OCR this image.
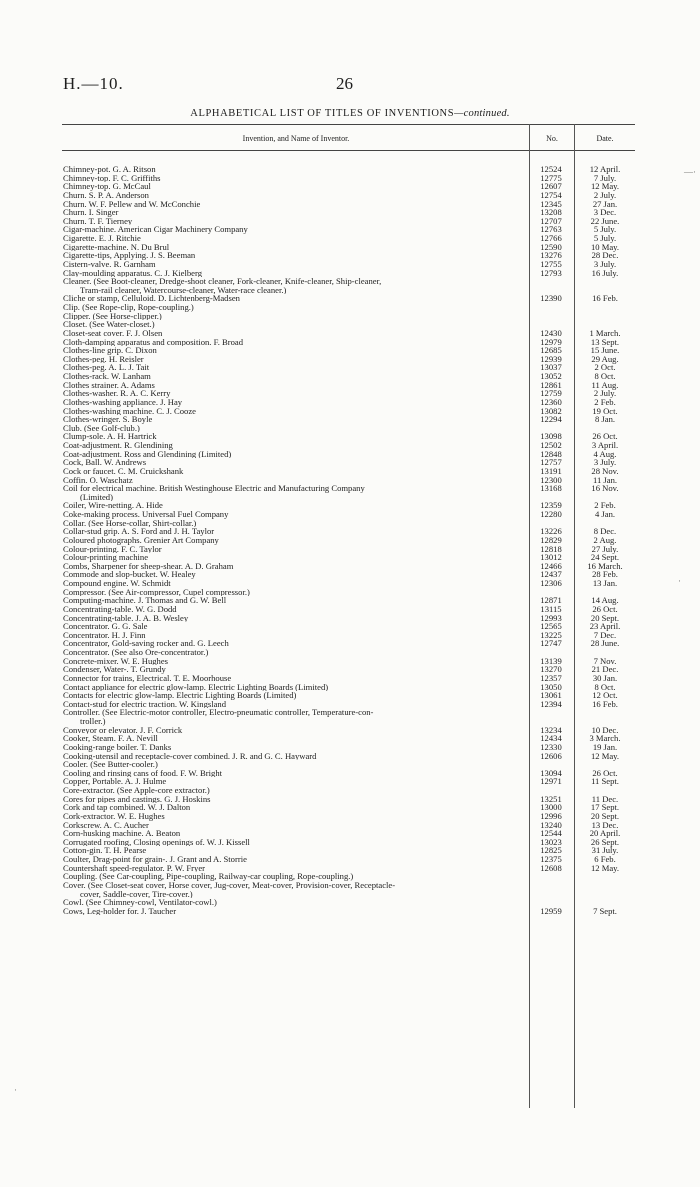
H.—10.	26
ALPHABETICAL LIST OF TITLES OF INVENTIONS—continued.
Invention, and Name of Inventor.	No.	Date.
Chimney-pot. G. A. Ritson	12524	12 April.
Chimney-top. F. C. Griffiths	12775	7 July.
Chimney-top. G. McCaul	12607	12 May.
Churn. S. P. A. Anderson	12754	2 July.
Churn. W. F. Pellew and W. McConchie	12345	27 Jan.
Churn. I. Singer	13208	3 Dec.
Churn. T. F. Tierney	12707	22 June.
Cigar-machine. American Cigar Machinery Company	12763	5 July.
Cigarette. E. J. Ritchie	12766	5 July.
Cigarette-machine. N. Du Brul	12590	10 May.
Cigarette-tips, Applying. J. S. Beeman	13276	28 Dec.
Cistern-valve. R. Garnham	12755	3 July.
Clay-moulding apparatus. C. J. Kielberg	12793	16 July.
Cleaner. (See Boot-cleaner, Dredge-shoot cleaner, Fork-cleaner, Knife-cleaner, Ship-cleaner,
Tram-rail cleaner, Watercourse-cleaner, Water-race cleaner.)
Cliche or stamp, Celluloid. D. Lichtenberg-Madsen	12390	16 Feb.
Clip. (See Rope-clip, Rope-coupling.)
Clipper. (See Horse-clipper.)
Closet. (See Water-closet.)
Closet-seat cover. F. J. Olsen	12430	1 March.
Cloth-damping apparatus and composition. F. Broad	12979	13 Sept.
Clothes-line grip. C. Dixon	12685	15 June.
Clothes-peg. H. Reisler	12939	29 Aug.
Clothes-peg. A. L. J. Tait	13037	2 Oct.
Clothes-rack. W. Lanham	13052	8 Oct.
Clothes strainer. A. Adams	12861	11 Aug.
Clothes-washer. R. A. C. Kerry	12759	2 July.
Clothes-washing appliance. J. Hay	12360	2 Feb.
Clothes-washing machine. C. J. Cooze	13082	19 Oct.
Clothes-wringer. S. Boyle	12294	8 Jan.
Club. (See Golf-club.)
Clump-sole. A. H. Hartrick	13098	26 Oct.
Coat-adjustment. R. Glendining	12502	3 April.
Coat-adjustment. Ross and Glendining (Limited)	12848	4 Aug.
Cock, Ball. W. Andrews	12757	3 July.
Cock or faucet. C. M. Cruickshank	13191	28 Nov.
Coffin. O. Waschatz	12300	11 Jan.
Coil for electrical machine. British Westinghouse Electric and Manufacturing Company	13168	16 Nov.
(Limited)
Coiler, Wire-netting. A. Hide	12359	2 Feb.
Coke-making process. Universal Fuel Company	12280	4 Jan.
Collar. (See Horse-collar, Shirt-collar.)
Collar-stud grip. A. S. Ford and J. H. Taylor	13226	8 Dec.
Coloured photographs. Grenier Art Company	12829	2 Aug.
Colour-printing. F. C. Taylor	12818	27 July.
Colour-printing machine	13012	24 Sept.
Combs, Sharpener for sheep-shear. A. D. Graham	12466	16 March.
Commode and slop-bucket. W. Healey	12437	28 Feb.
Compound engine. W. Schmidt	12306	13 Jan.
Compressor. (See Air-compressor, Cupel compressor.)
Computing-machine. J. Thomas and G. W. Bell	12871	14 Aug.
Concentrating-table. W. G. Dodd	13115	26 Oct.
Concentrating-table. J. A. B. Wesley	12993	20 Sept.
Concentrator. G. G. Sale	12565	23 April.
Concentrator. H. J. Finn	13225	7 Dec.
Concentrator, Gold-saving rocker and. G. Leech	12747	28 June.
Concentrator. (See also Ore-concentrator.)
Concrete-mixer. W. E. Hughes	13139	7 Nov.
Condenser, Water-. T. Grundy	13270	21 Dec.
Connector for trains, Electrical. T. E. Moorhouse	12357	30 Jan.
Contact appliance for electric glow-lamp. Electric Lighting Boards (Limited)	13050	8 Oct.
Contacts for electric glow-lamp. Electric Lighting Boards (Limited)	13061	12 Oct.
Contact-stud for electric traction. W. Kingsland	12394	16 Feb.
Controller. (See Electric-motor controller, Electro-pneumatic controller, Temperature-con-
troller.)
Conveyor or elevator. J. F. Corrick	13234	10 Dec.
Cooker, Steam. F. A. Nevill	12434	3 March.
Cooking-range boiler. T. Danks	12330	19 Jan.
Cooking-utensil and receptacle-cover combined. J. R. and G. C. Hayward	12606	12 May.
Cooler. (See Butter-cooler.)
Cooling and rinsing cans of food. F. W. Bright	13094	26 Oct.
Copper, Portable. A. J. Hulme	12971	11 Sept.
Core-extractor. (See Apple-core extractor.)
Cores for pipes and castings. G. J. Hoskins	13251	11 Dec.
Cork and tap combined. W. J. Dalton	13000	17 Sept.
Cork-extractor. W. E. Hughes	12996	20 Sept.
Corkscrew. A. C. Aucher	13240	13 Dec.
Corn-husking machine. A. Beaton	12544	20 April.
Corrugated roofing, Closing openings of. W. J. Kissell	13023	26 Sept.
Cotton-gin. T. H. Pearse	12825	31 July.
Coulter, Drag-point for grain-. J. Grant and A. Storrie	12375	6 Feb.
Countershaft speed-regulator. P. W. Fryer	12608	12 May.
Coupling. (See Car-coupling, Pipe-coupling, Railway-car coupling, Rope-coupling.)
Cover. (See Closet-seat cover, Horse cover, Jug-cover, Meat-cover, Provision-cover, Receptacle-
cover, Saddle-cover, Tire-cover.)
Cowl. (See Chimney-cowl, Ventilator-cowl.)
Cows, Leg-holder for. J. Taucher	12959	7 Sept.
—·
·
·
